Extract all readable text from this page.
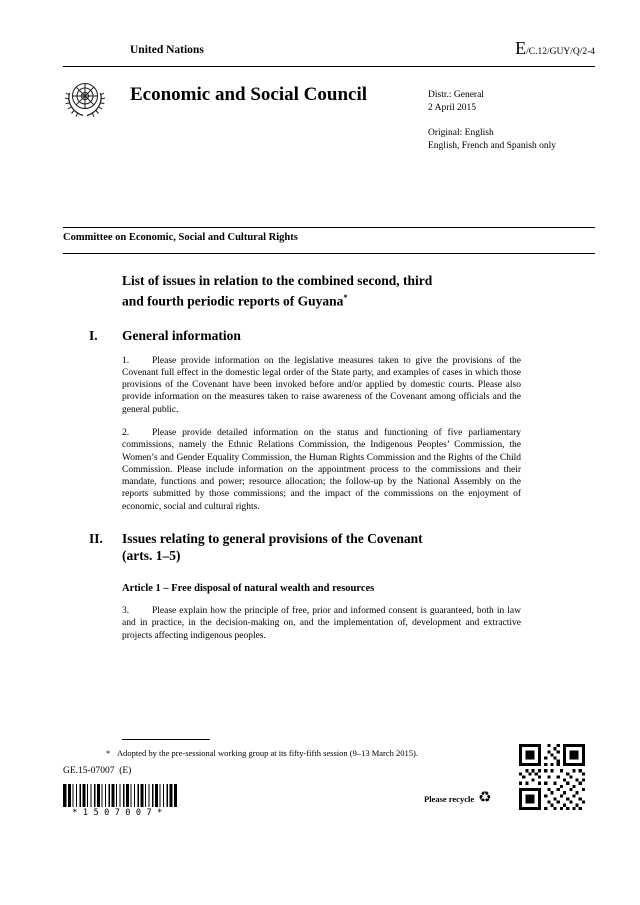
United Nations	E/C.12/GUY/Q/2-4
Economic and Social Council	Distr.: General
2 April 2015
Original: English
English, French and Spanish only
Committee on Economic, Social and Cultural Rights
List of issues in relation to the combined second, third
and fourth periodic reports of Guyana*
I.	General information

1. Please provide information on the legislative measures taken to give the provisions of the Covenant full effect in the domestic legal order of the State party, and examples of cases in which those provisions of the Covenant have been invoked before and/or applied by domestic courts. Please also provide information on the measures taken to raise awareness of the Covenant among officials and the general public.

2. Please provide detailed information on the status and functioning of five parliamentary commissions, namely the Ethnic Relations Commission, the Indigenous Peoples’ Commission, the Women’s and Gender Equality Commission, the Human Rights Commission and the Rights of the Child Commission. Please include information on the appointment process to the commissions and their mandate, functions and power; resource allocation; the follow-up by the National Assembly on the reports submitted by those commissions; and the impact of the commissions on the enjoyment of economic, social and cultural rights.

II.	Issues relating to general provisions of the Covenant
(arts. 1–5)
Article 1 – Free disposal of natural wealth and resources

3. Please explain how the principle of free, prior and informed consent is guaranteed, both in law and in practice, in the decision-making on, and the implementation of, development and extractive projects affecting indigenous peoples.

* Adopted by the pre-sessional working group at its fifty-fifth session (9–13 March 2015).
GE.15-07007  (E)
*1507007*
Please recycle ♻
